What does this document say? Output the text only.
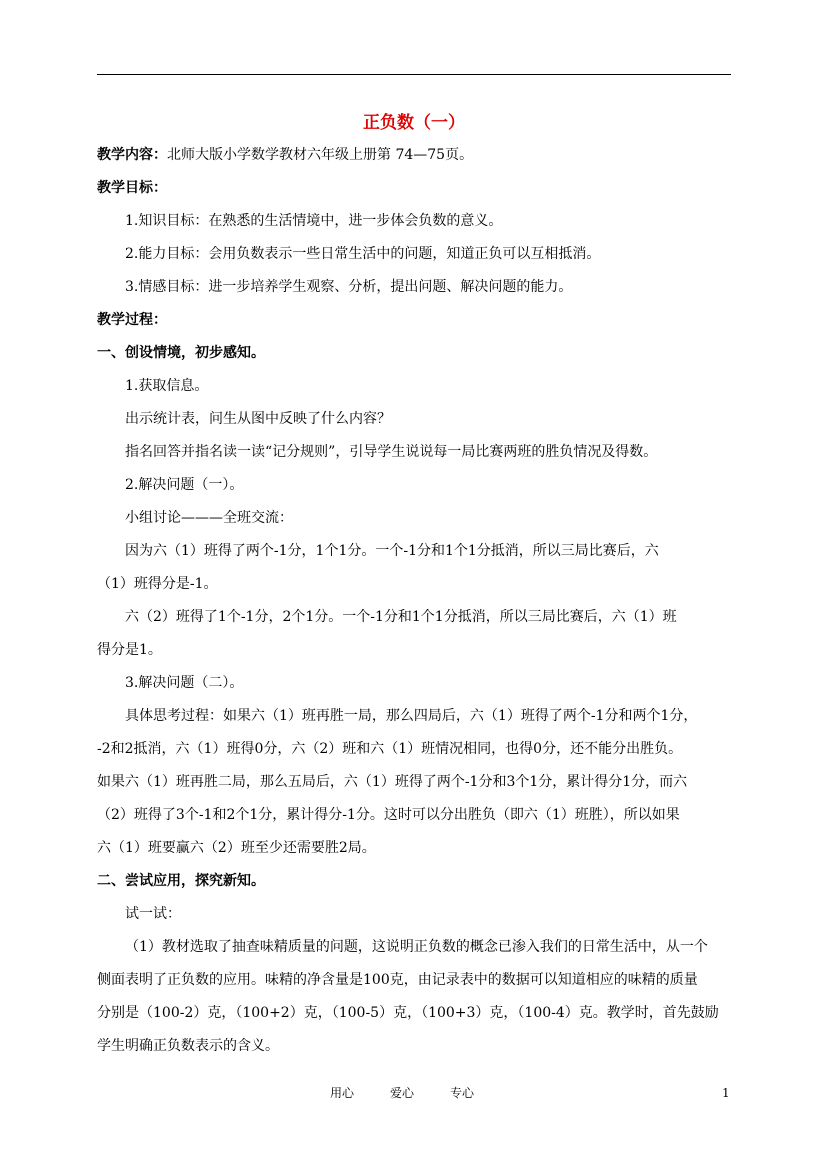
正负数（一）
教学内容：北师大版小学数学教材六年级上册第 74—75页。
教学目标：
1.知识目标：在熟悉的生活情境中，进一步体会负数的意义。
2.能力目标：会用负数表示一些日常生活中的问题，知道正负可以互相抵消。
3.情感目标：进一步培养学生观察、分析，提出问题、解决问题的能力。
教学过程：
一、创设情境，初步感知。
1.获取信息。
出示统计表，问生从图中反映了什么内容？
指名回答并指名读一读“记分规则”，引导学生说说每一局比赛两班的胜负情况及得数。
2.解决问题（一）。
小组讨论———全班交流：
因为六（1）班得了两个-1分，1个1分。一个-1分和1个1分抵消，所以三局比赛后，六
（1）班得分是-1。
六（2）班得了1个-1分，2个1分。一个-1分和1个1分抵消，所以三局比赛后，六（1）班
得分是1。
3.解决问题（二）。
具体思考过程：如果六（1）班再胜一局，那么四局后，六（1）班得了两个-1分和两个1分，
-2和2抵消，六（1）班得0分，六（2）班和六（1）班情况相同，也得0分，还不能分出胜负。
如果六（1）班再胜二局，那么五局后，六（1）班得了两个-1分和3个1分，累计得分1分，而六
（2）班得了3个-1和2个1分，累计得分-1分。这时可以分出胜负（即六（1）班胜），所以如果
六（1）班要赢六（2）班至少还需要胜2局。
二、尝试应用，探究新知。
试一试：
（1）教材选取了抽查味精质量的问题，这说明正负数的概念已渗入我们的日常生活中，从一个
侧面表明了正负数的应用。味精的净含量是100克，由记录表中的数据可以知道相应的味精的质量
分别是（100-2）克，（100+2）克，（100-5）克，（100+3）克，（100-4）克。教学时，首先鼓励
学生明确正负数表示的含义。
用心	爱心	专心	1
